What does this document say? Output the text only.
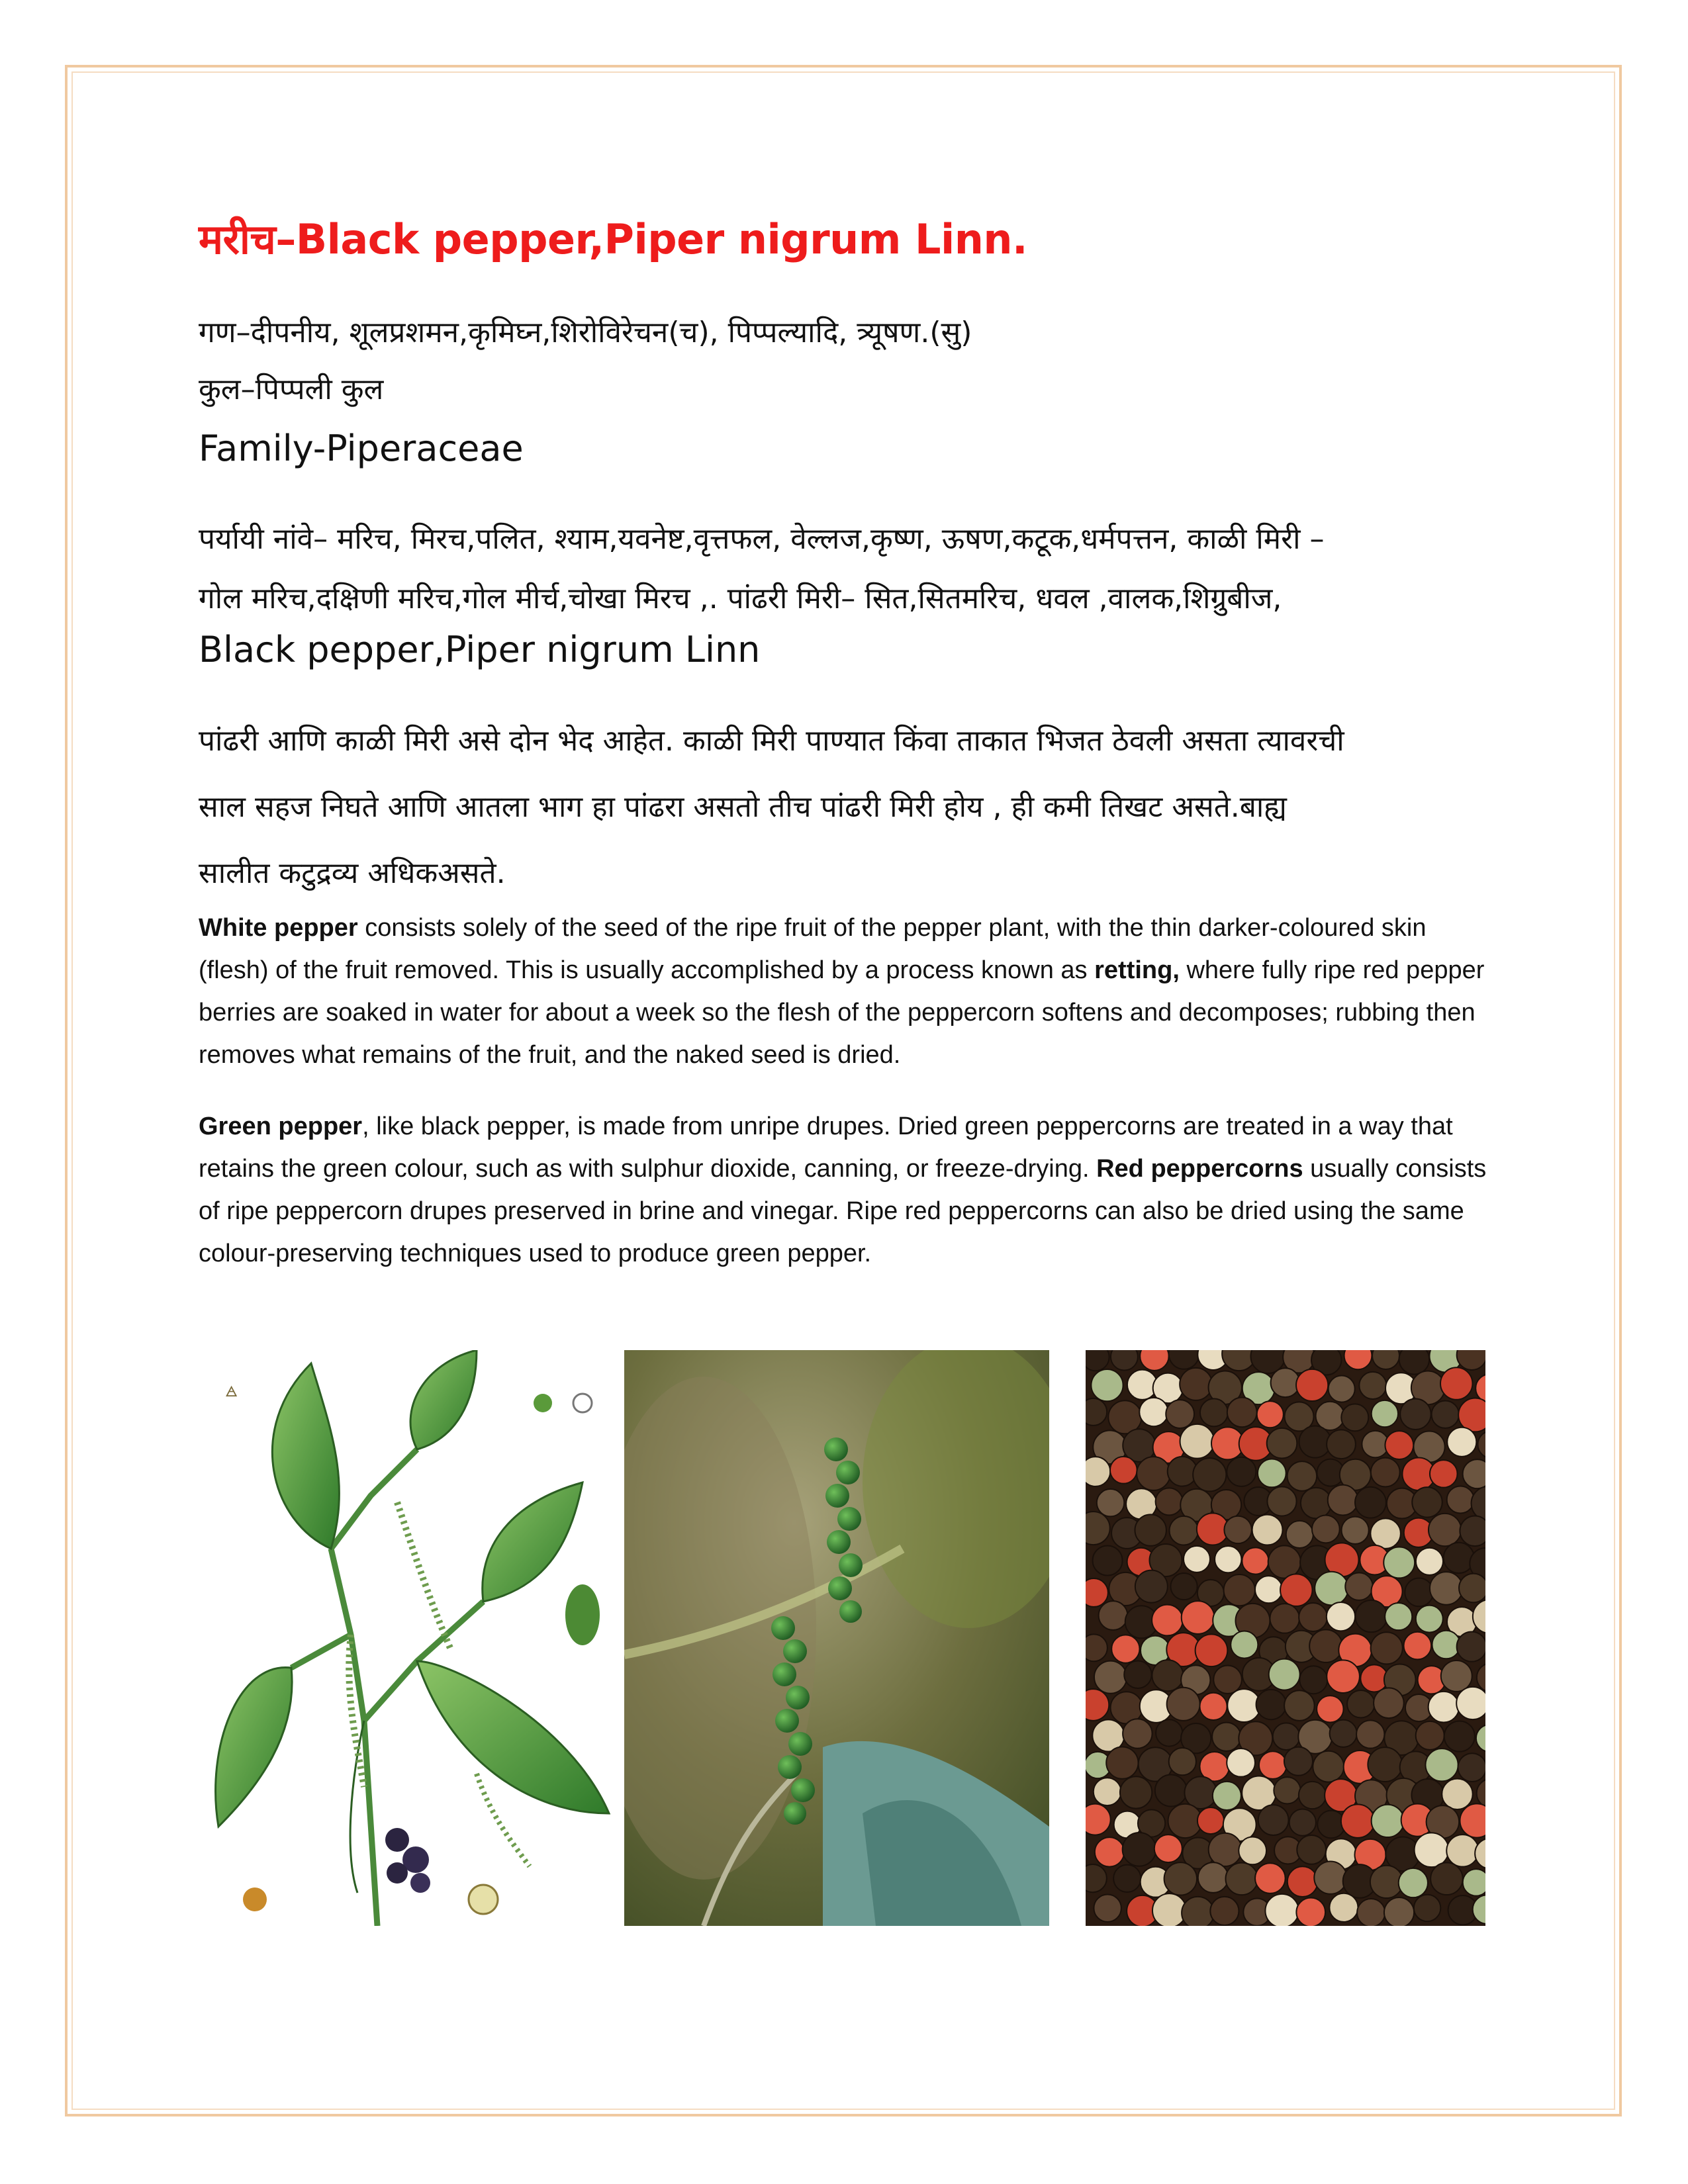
मरीच–Black pepper,Piper nigrum Linn.
गण–दीपनीय, शूलप्रशमन,कृमिघ्न,शिरोविरेचन(च), पिप्पल्यादि, त्र्यूषण.(सु)
कुल–पिप्पली कुल
Family-Piperaceae
पर्यायी नांवे– मरिच, मिरच,पलित, श्याम,यवनेष्ट,वृत्तफल, वेल्लज,कृष्ण, ऊषण,कटूक,धर्मपत्तन, काळी मिरी –
गोल मरिच,दक्षिणी मरिच,गोल मीर्च,चोखा मिरच ,. पांढरी मिरी– सित,सितमरिच, धवल ,वालक,शिग्रुबीज,
Black pepper,Piper nigrum Linn
पांढरी आणि काळी मिरी असे दोन भेद आहेत. काळी मिरी पाण्यात किंवा ताकात भिजत ठेवली असता त्यावरची
साल सहज निघते आणि आतला भाग हा पांढरा असतो तीच पांढरी मिरी होय , ही कमी तिखट असते.बाह्य
सालीत कटुद्रव्य अधिकअसते.
White pepper consists solely of the seed of the ripe fruit of the pepper plant, with the thin darker-coloured skin (flesh) of the fruit removed. This is usually accomplished by a process known as retting, where fully ripe red pepper berries are soaked in water for about a week so the flesh of the peppercorn softens and decomposes; rubbing then removes what remains of the fruit, and the naked seed is dried.
Green pepper, like black pepper, is made from unripe drupes. Dried green peppercorns are treated in a way that retains the green colour, such as with sulphur dioxide, canning, or freeze-drying. Red peppercorns usually consists of ripe peppercorn drupes preserved in brine and vinegar. Ripe red peppercorns can also be dried using the same colour-preserving techniques used to produce green pepper.
🜁
